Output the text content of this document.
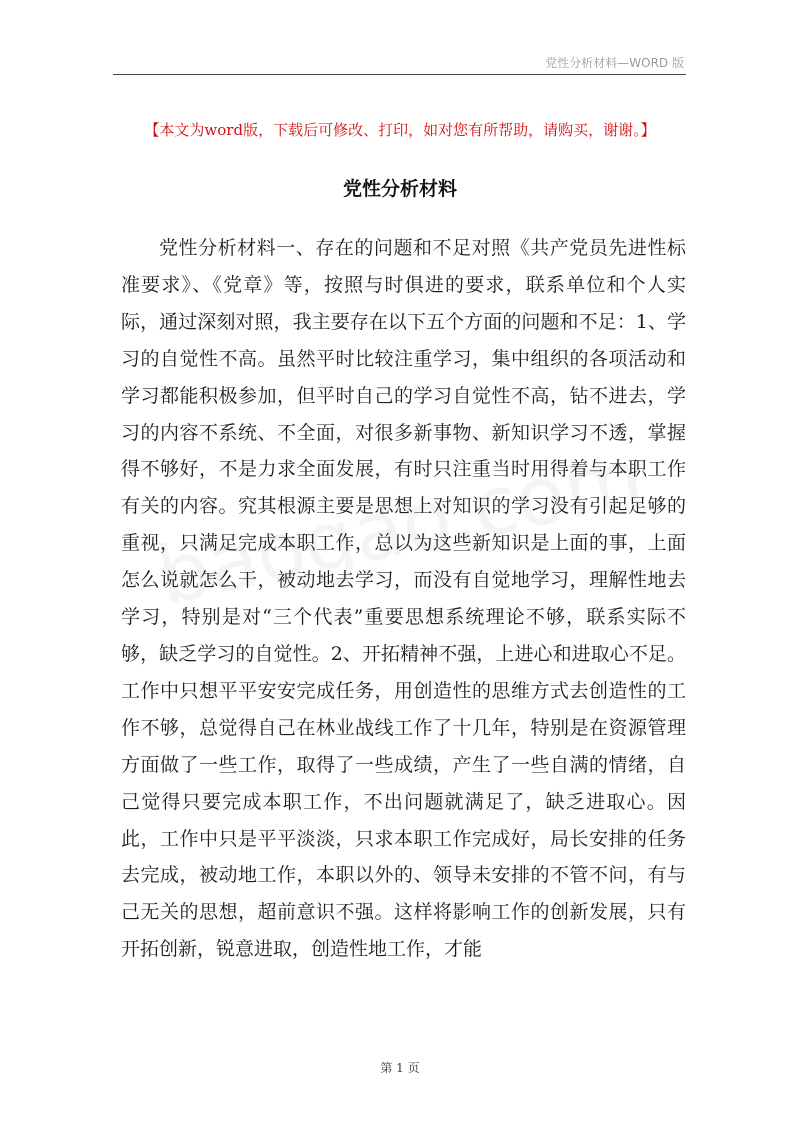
党性分析材料—WORD 版
【本文为word版，下载后可修改、打印，如对您有所帮助，请购买，谢谢。】
党性分析材料

党性分析材料一、存在的问题和不足对照《共产党员先进性标准要求》、《党章》等，按照与时俱进的要求，联系单位和个人实际，通过深刻对照，我主要存在以下五个方面的问题和不足：1、学习的自觉性不高。虽然平时比较注重学习，集中组织的各项活动和学习都能积极参加，但平时自己的学习自觉性不高，钻不进去，学习的内容不系统、不全面，对很多新事物、新知识学习不透，掌握得不够好，不是力求全面发展，有时只注重当时用得着与本职工作有关的内容。究其根源主要是思想上对知识的学习没有引起足够的重视，只满足完成本职工作，总以为这些新知识是上面的事，上面怎么说就怎么干，被动地去学习，而没有自觉地学习，理解性地去学习，特别是对“三个代表”重要思想系统理论不够，联系实际不够，缺乏学习的自觉性。2、开拓精神不强，上进心和进取心不足。工作中只想平平安安完成任务，用创造性的思维方式去创造性的工作不够，总觉得自己在林业战线工作了十几年，特别是在资源管理方面做了一些工作，取得了一些成绩，产生了一些自满的情绪，自己觉得只要完成本职工作，不出问题就满足了，缺乏进取心。因此，工作中只是平平淡淡，只求本职工作完成好，局长安排的任务去完成，被动地工作，本职以外的、领导未安排的不管不问，有与己无关的思想，超前意识不强。这样将影响工作的创新发展，只有开拓创新，锐意进取，创造性地工作，才能

第 1 页
